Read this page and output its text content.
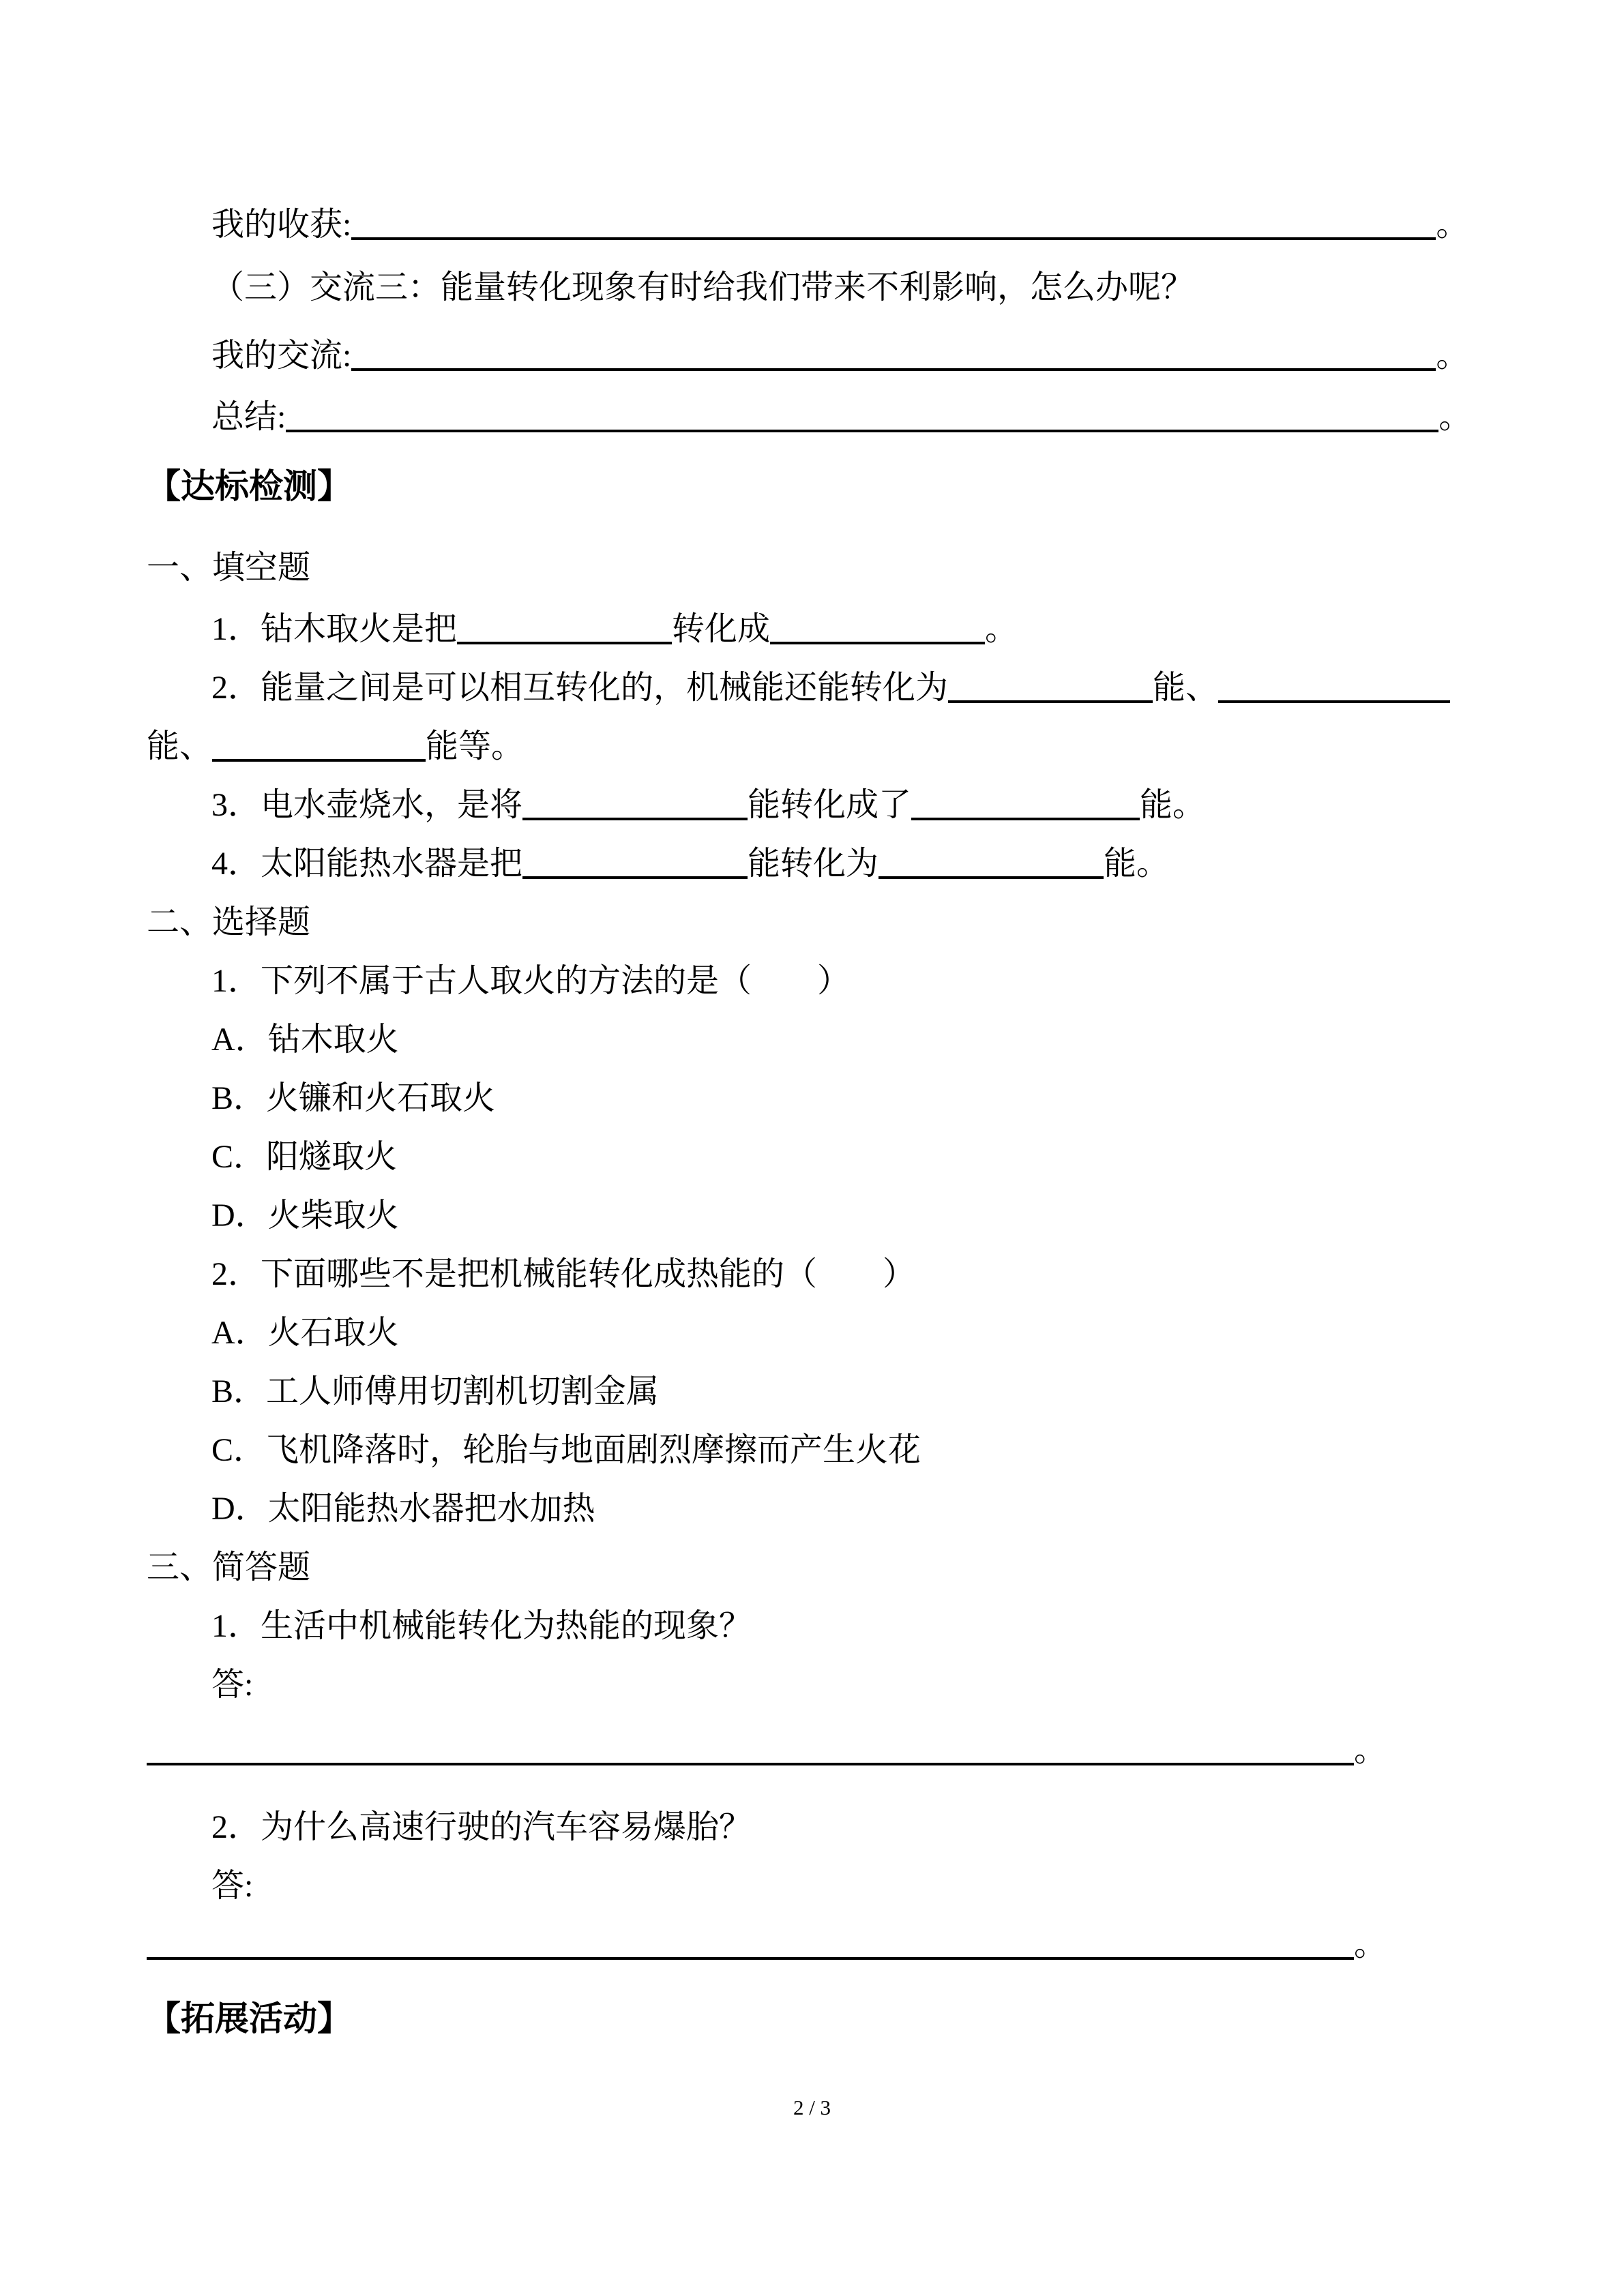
我的收获:	。
（三）交流三：能量转化现象有时给我们带来不利影响，怎么办呢？
我的交流:	。
总结:	。
【达标检测】
一、填空题
1．钻木取火是把	转化成	。
2．能量之间是可以相互转化的，机械能还能转化为	能、
能、	能等。
3．电水壶烧水，是将	能转化成了	能。
4．太阳能热水器是把	能转化为	能。
二、选择题
1．下列不属于古人取火的方法的是（　　）
A．钻木取火
B．火镰和火石取火
C．阳燧取火
D．火柴取火
2．下面哪些不是把机械能转化成热能的（　　）
A．火石取火
B．工人师傅用切割机切割金属
C．飞机降落时，轮胎与地面剧烈摩擦而产生火花
D．太阳能热水器把水加热
三、简答题
1．生活中机械能转化为热能的现象？
答:
。
2．为什么高速行驶的汽车容易爆胎？
答:
。
【拓展活动】
2 / 3
